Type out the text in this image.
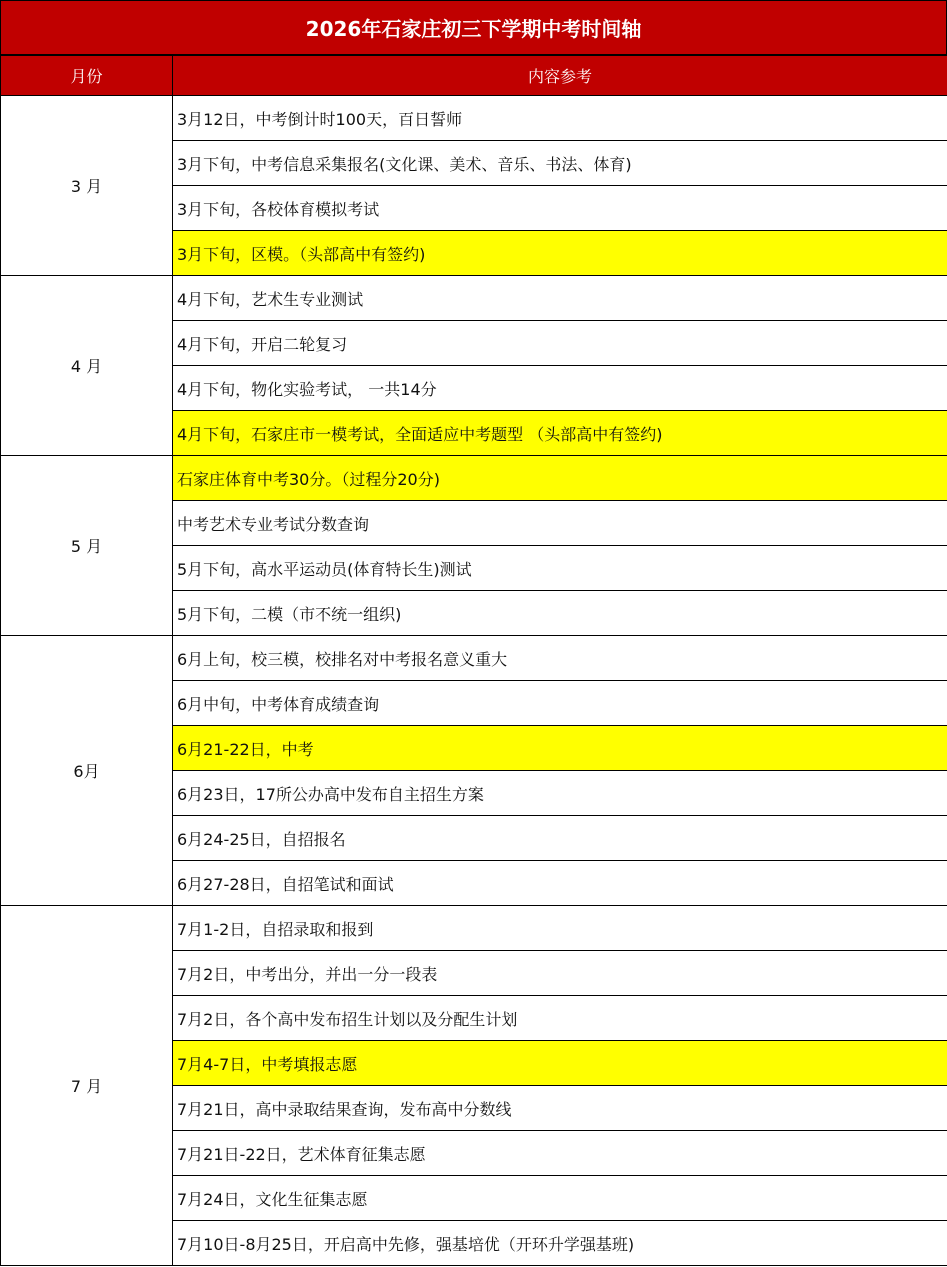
2026年石家庄初三下学期中考时间轴
月份	内容参考
3 月	3月12日，中考倒计时100天，百日誓师
	3月下旬，中考信息采集报名(文化课、美术、音乐、书法、体育)
	3月下旬，各校体育模拟考试
	3月下旬，区模。（头部高中有签约)
4 月	4月下旬，艺术生专业测试
	4月下旬，开启二轮复习
	4月下旬，物化实验考试， 一共14分
	4月下旬，石家庄市一模考试，全面适应中考题型 （头部高中有签约)
5 月	石家庄体育中考30分。（过程分20分)
	中考艺术专业考试分数查询
	5月下旬，高水平运动员(体育特长生)测试
	5月下旬，二模（市不统一组织)
6月	6月上旬，校三模，校排名对中考报名意义重大
	6月中旬，中考体育成绩查询
	6月21-22日，中考
	6月23日，17所公办高中发布自主招生方案
	6月24-25日，自招报名
	6月27-28日，自招笔试和面试
7 月	7月1-2日，自招录取和报到
	7月2日，中考出分，并出一分一段表
	7月2日，各个高中发布招生计划以及分配生计划
	7月4-7日，中考填报志愿
	7月21日，高中录取结果查询，发布高中分数线
	7月21日-22日，艺术体育征集志愿
	7月24日，文化生征集志愿
	7月10日-8月25日，开启高中先修，强基培优（开环升学强基班)
